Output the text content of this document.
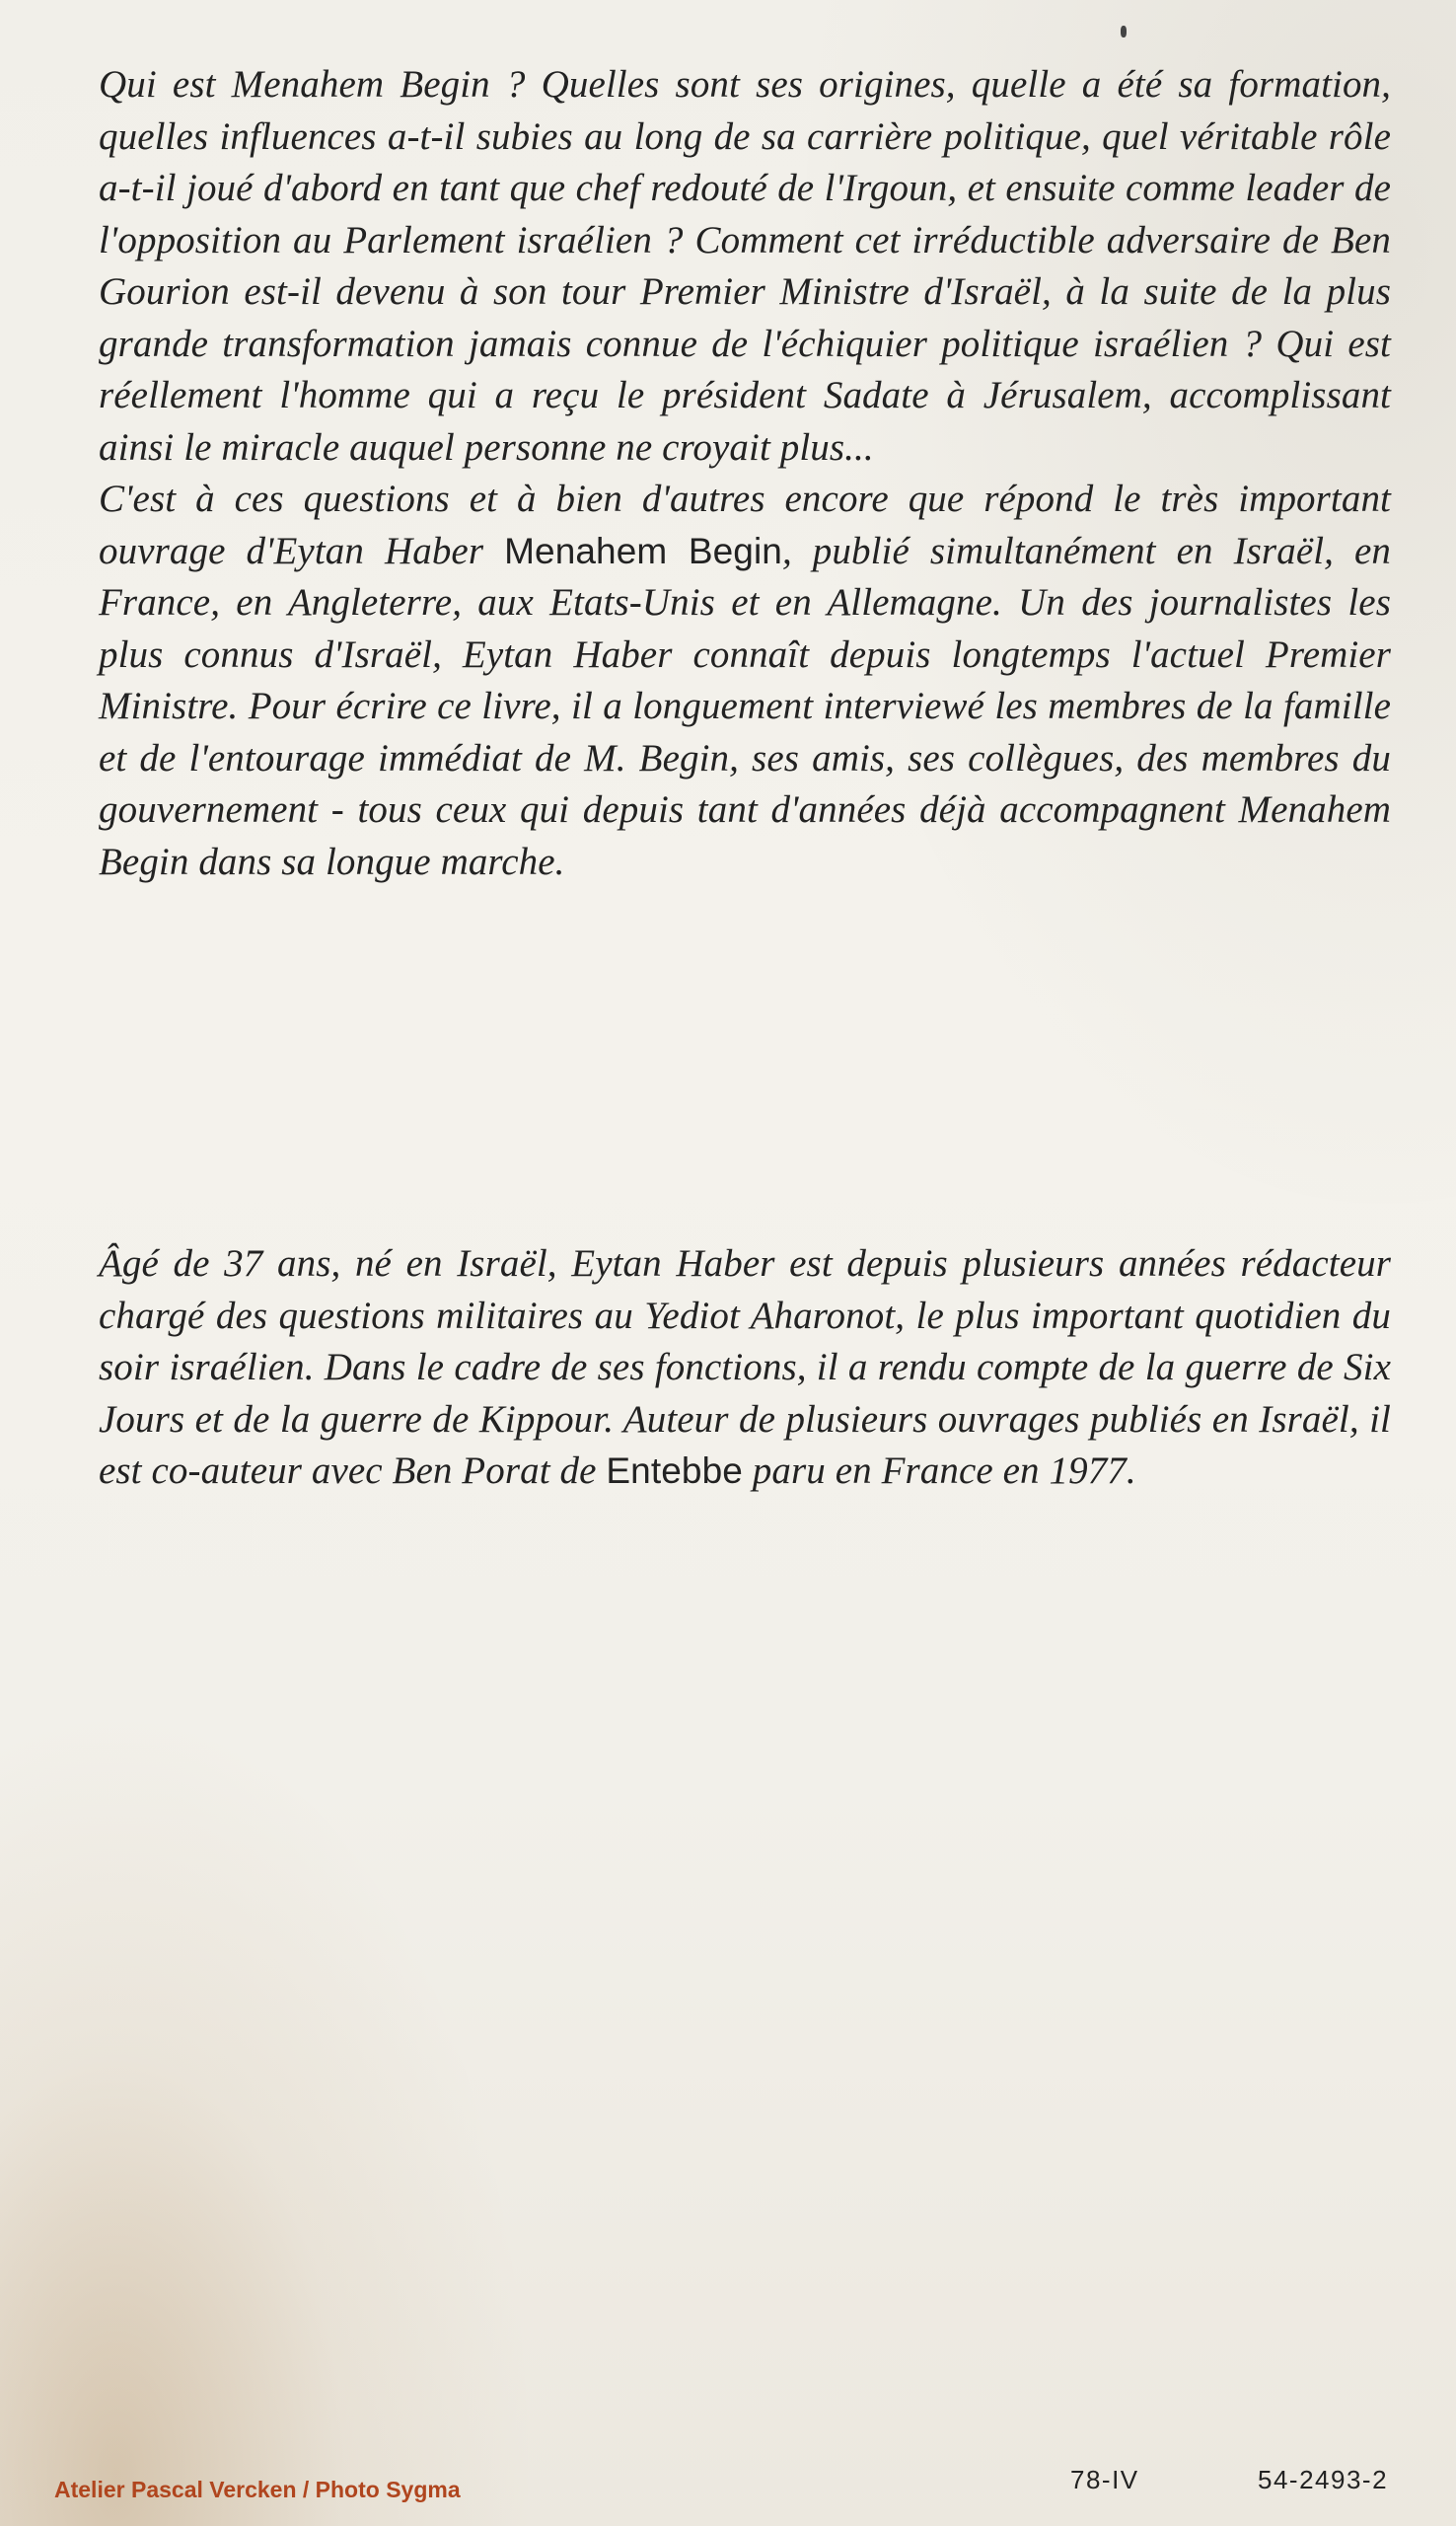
Qui est Menahem Begin ? Quelles sont ses origines, quelle a été sa formation, quelles influences a-t-il subies au long de sa carrière politique, quel véritable rôle a-t-il joué d'abord en tant que chef redouté de l'Irgoun, et ensuite comme leader de l'opposition au Parlement israélien ? Comment cet irréductible adversaire de Ben Gourion est-il devenu à son tour Premier Ministre d'Israël, à la suite de la plus grande transformation jamais connue de l'échiquier politique israélien ? Qui est réellement l'homme qui a reçu le président Sadate à Jérusalem, accomplissant ainsi le miracle auquel personne ne croyait plus...

C'est à ces questions et à bien d'autres encore que répond le très important ouvrage d'Eytan Haber Menahem Begin, publié simultanément en Israël, en France, en Angleterre, aux Etats-Unis et en Allemagne. Un des journalistes les plus connus d'Israël, Eytan Haber connaît depuis longtemps l'actuel Premier Ministre. Pour écrire ce livre, il a longuement interviewé les membres de la famille et de l'entourage immédiat de M. Begin, ses amis, ses collègues, des membres du gouvernement - tous ceux qui depuis tant d'années déjà accompagnent Menahem Begin dans sa longue marche.

Âgé de 37 ans, né en Israël, Eytan Haber est depuis plusieurs années rédacteur chargé des questions militaires au Yediot Aharonot, le plus important quotidien du soir israélien. Dans le cadre de ses fonctions, il a rendu compte de la guerre de Six Jours et de la guerre de Kippour. Auteur de plusieurs ouvrages publiés en Israël, il est co-auteur avec Ben Porat de Entebbe paru en France en 1977.

Atelier Pascal Vercken / Photo Sygma	78-IV	54-2493-2
